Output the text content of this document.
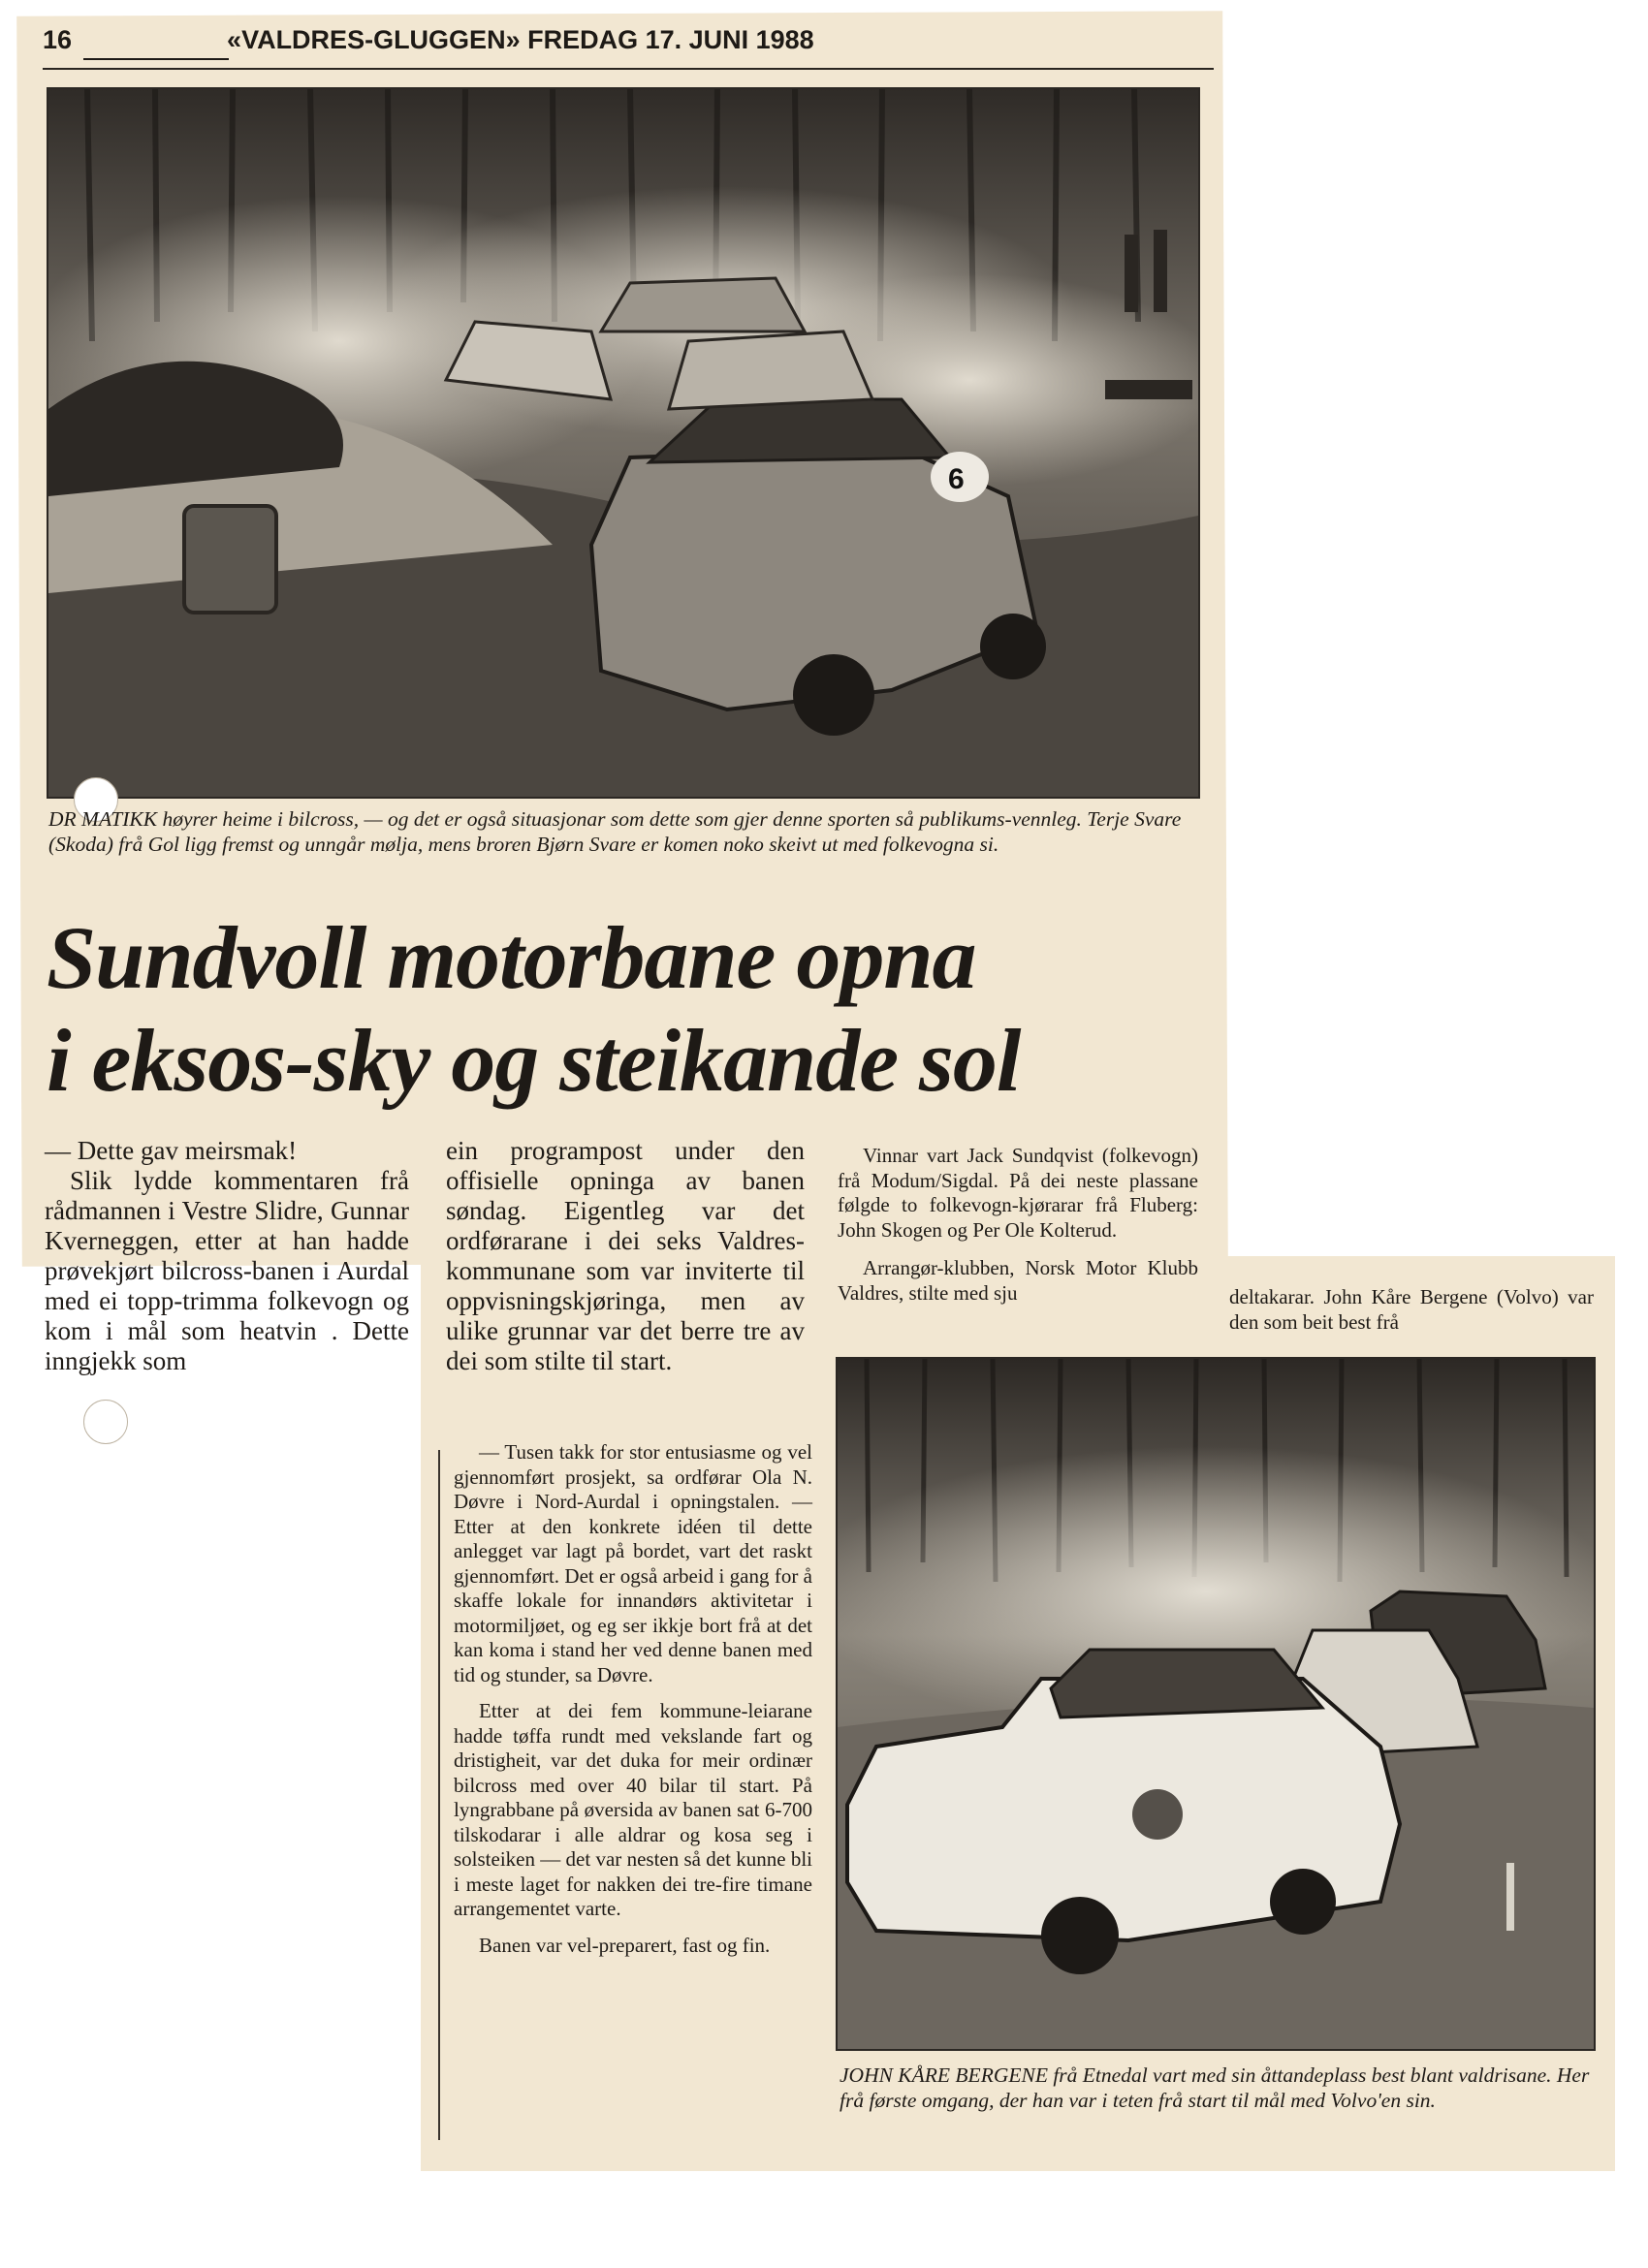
16	«VALDRES-GLUGGEN» FREDAG 17. JUNI 1988
6
DR MATIKK høyrer heime i bilcross, — og det er også situasjonar som dette som gjer denne sporten så publikums-vennleg. Terje Svare (Skoda) frå Gol ligg fremst og unngår mølja, mens broren Bjørn Svare er komen noko skeivt ut med folkevogna si.
Sundvoll motorbane opna
i eksos-sky og steikande sol

— Dette gav meirsmak!

Slik lydde kommentaren frå rådmannen i Vestre Slidre, Gunnar Kverneggen, etter at han hadde prøvekjørt bilcross-banen i Aurdal med ei topp-trimma folkevogn og kom i mål som heatvin . Dette inngjekk som

ein programpost under den offisielle opninga av banen søndag. Eigentleg var det ordførarane i dei seks Valdres-kommunane som var inviterte til oppvisningskjøringa, men av ulike grunnar var det berre tre av dei som stilte til start.

Vinnar vart Jack Sundqvist (folkevogn) frå Modum/Sigdal. På dei neste plassane følgde to folkevogn-kjørarar frå Fluberg: John Skogen og Per Ole Kolterud.

Arrangør-klubben, Norsk Motor Klubb Valdres, stilte med sju	deltakarar. John Kåre Bergene (Volvo) var den som beit best frå

— Tusen takk for stor entusiasme og vel gjennomført prosjekt, sa ordførar Ola N. Døvre i Nord-Aurdal i opningstalen. — Etter at den konkrete idéen til dette anlegget var lagt på bordet, vart det raskt gjennomført. Det er også arbeid i gang for å skaffe lokale for innandørs aktivitetar i motormiljøet, og eg ser ikkje bort frå at det kan koma i stand her ved denne banen med tid og stunder, sa Døvre.

Etter at dei fem kommune-leiarane hadde tøffa rundt med vekslande fart og dristigheit, var det duka for meir ordinær bilcross med over 40 bilar til start. På lyngrabbane på øversida av banen sat 6-700 tilskodarar i alle aldrar og kosa seg i solsteiken — det var nesten så det kunne bli i meste laget for nakken dei tre-fire timane arrangementet varte.

Banen var vel-preparert, fast og fin.

JOHN KÅRE BERGENE frå Etnedal vart med sin åttandeplass best blant valdrisane. Her frå første omgang, der han var i teten frå start til mål med Volvo'en sin.
